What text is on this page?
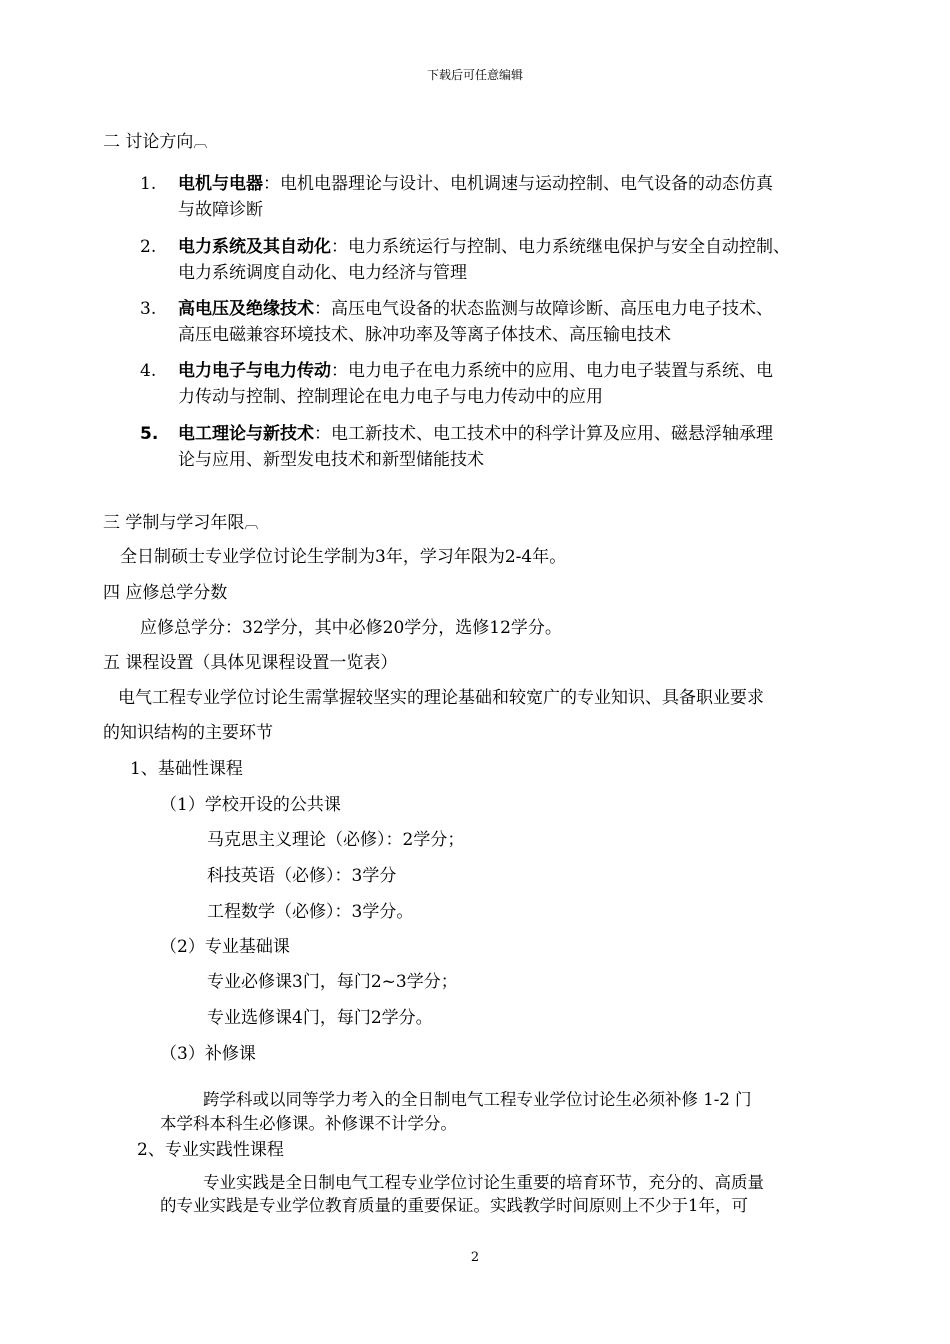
下载后可任意编辑
二 讨论方向︹
1.	电机与电器：电机电器理论与设计、电机调速与运动控制、电气设备的动态仿真
与故障诊断
2.	电力系统及其自动化：电力系统运行与控制、电力系统继电保护与安全自动控制、
电力系统调度自动化、电力经济与管理
3.	高电压及绝缘技术：高压电气设备的状态监测与故障诊断、高压电力电子技术、
高压电磁兼容环境技术、脉冲功率及等离子体技术、高压输电技术
4.	电力电子与电力传动：电力电子在电力系统中的应用、电力电子装置与系统、电
力传动与控制、控制理论在电力电子与电力传动中的应用
5.	电工理论与新技术：电工新技术、电工技术中的科学计算及应用、磁悬浮轴承理
论与应用、新型发电技术和新型储能技术
三 学制与学习年限︹
全日制硕士专业学位讨论生学制为3年，学习年限为2-4年。
四 应修总学分数
应修总学分：32学分，其中必修20学分，选修12学分。
五 课程设置（具体见课程设置一览表）
电气工程专业学位讨论生需掌握较坚实的理论基础和较宽广的专业知识、具备职业要求
的知识结构的主要环节
1、基础性课程
（1）学校开设的公共课
马克思主义理论（必修）：2学分；
科技英语（必修）：3学分
工程数学（必修）：3学分。
（2）专业基础课
专业必修课3门，每门2~3学分；
专业选修课4门，每门2学分。
（3）补修课
跨学科或以同等学力考入的全日制电气工程专业学位讨论生必须补修 1-2 门
本学科本科生必修课。补修课不计学分。
2、专业实践性课程
专业实践是全日制电气工程专业学位讨论生重要的培育环节，充分的、高质量
的专业实践是专业学位教育质量的重要保证。实践教学时间原则上不少于1年，可
2
